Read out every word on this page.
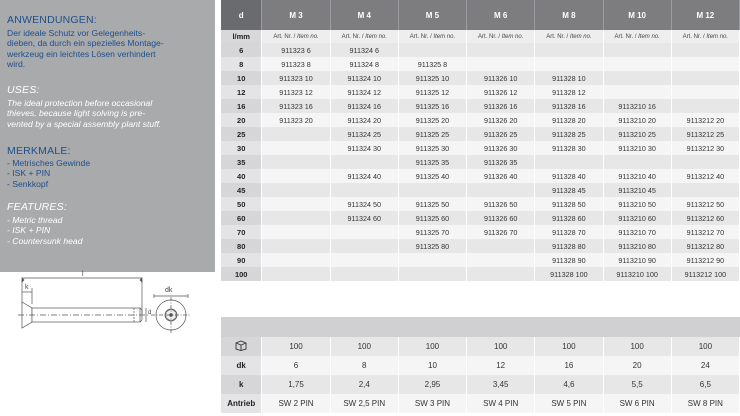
ANWENDUNGEN:
Der ideale Schutz vor Gelegenheits-
dieben, da durch ein spezielles Montage-
werkzeug ein leichtes Lösen verhindert
wird.
USES:
The ideal protection before occasional
thieves, because light solving is pre-
vented by a special assembly plant stuff.
MERKMALE:
- Metrisches Gewinde
- ISK + PIN
- Senkkopf
FEATURES:
- Metric thread
- ISK + PIN
- Countersunk head
l
k	dk
d
d	M 3	M 4	M 5	M 6	M 8	M 10	M 12
l/mm	Art. Nr. / Item no.	Art. Nr. / Item no.	Art. Nr. / Item no.	Art. Nr. / Item no.	Art. Nr. / Item no.	Art. Nr. / Item no.	Art. Nr. / Item no.
6	911323 6	911324 6					
8	911323 8	911324 8	911325 8				
10	911323 10	911324 10	911325 10	911326 10	911328 10		
12	911323 12	911324 12	911325 12	911326 12	911328 12		
16	911323 16	911324 16	911325 16	911326 16	911328 16	9113210 16	
20	911323 20	911324 20	911325 20	911326 20	911328 20	9113210 20	9113212 20
25		911324 25	911325 25	911326 25	911328 25	9113210 25	9113212 25
30		911324 30	911325 30	911326 30	911328 30	9113210 30	9113212 30
35			911325 35	911326 35			
40		911324 40	911325 40	911326 40	911328 40	9113210 40	9113212 40
45					911328 45	9113210 45	
50		911324 50	911325 50	911326 50	911328 50	9113210 50	9113212 50
60		911324 60	911325 60	911326 60	911328 60	9113210 60	9113212 60
70			911325 70	911326 70	911328 70	9113210 70	9113212 70
80			911325 80		911328 80	9113210 80	9113212 80
90					911328 90	9113210 90	9113212 90
100					911328 100	9113210 100	9113212 100

	100	100	100	100	100	100	100
dk	6	8	10	12	16	20	24
k	1,75	2,4	2,95	3,45	4,6	5,5	6,5
Antrieb	SW 2 PIN	SW 2,5 PIN	SW 3 PIN	SW 4 PIN	SW 5 PIN	SW 6 PIN	SW 8 PIN
